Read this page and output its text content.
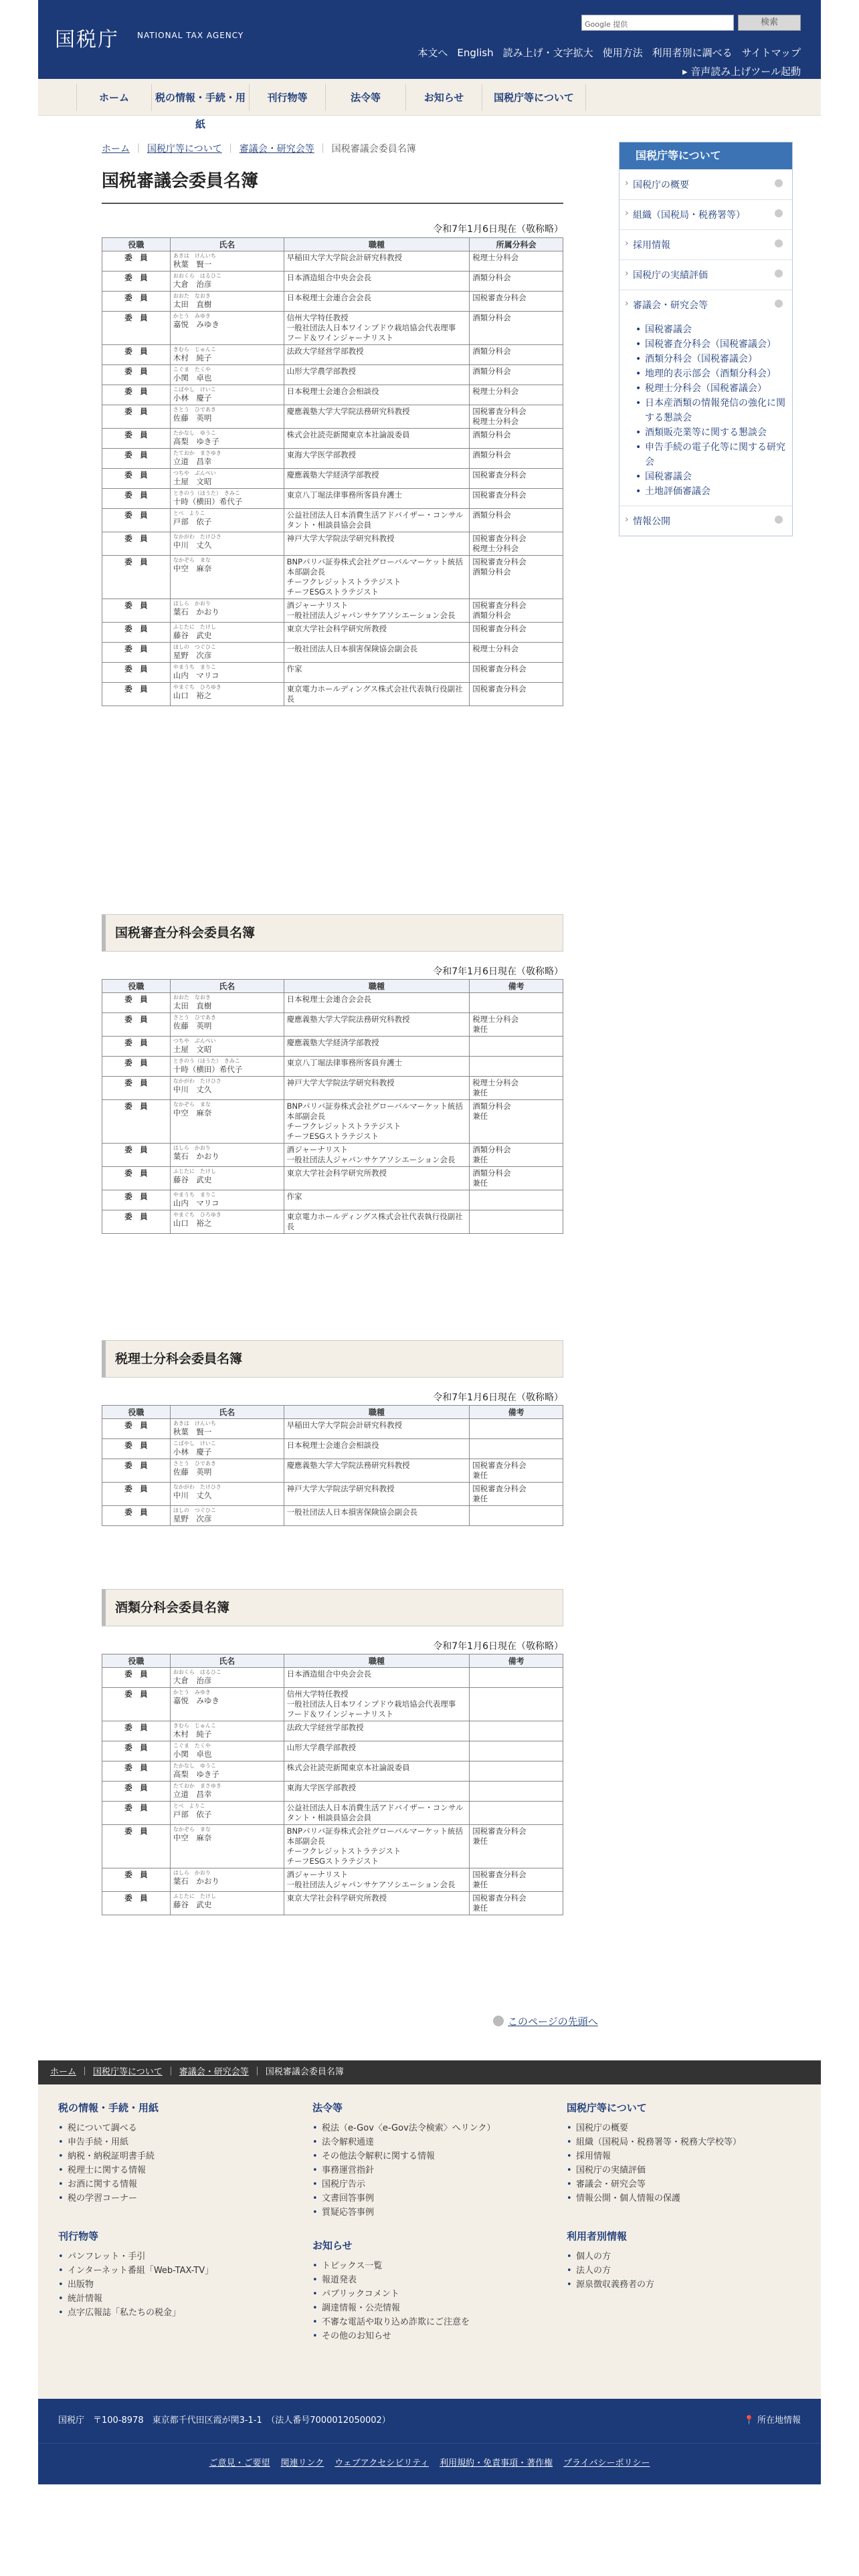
国税庁 NATIONAL TAX AGENCY
Google 提供	検索
本文へ English 読み上げ・文字拡大 使用方法 利用者別に調べる サイトマップ
▸ 音声読み上げツール起動
ホーム	税の情報・手続・用紙
刊行物等	法令等	お知らせ	国税庁等について
ホーム ｜ 国税庁等について ｜ 審議会・研究会等 ｜ 国税審議会委員名簿
国税審議会委員名簿
令和7年1月6日現在（敬称略）
役職	氏名	職種	所属分科会
委　員	あきは　けんいち
秋葉　賢一	早稲田大学大学院会計研究科教授	税理士分科会
委　員	おおくら　はるひこ
大倉　治彦	日本酒造組合中央会会長	酒類分科会
委　員	おおた　なおき
太田　直樹	日本税理士会連合会会長	国税審査分科会
委　員	かとう　みゆき
嘉悦　みゆき	信州大学特任教授
一般社団法人日本ワインブドウ栽培協会代表理事
フード＆ワインジャーナリスト	酒類分科会
委　員	きむら　じゅんこ
木村　純子	法政大学経営学部教授	酒類分科会
委　員	こぐま　たくや
小関　卓也	山形大学農学部教授	酒類分科会
委　員	こばやし　けいこ
小林　慶子	日本税理士会連合会相談役	税理士分科会
委　員	さとう　ひであき
佐藤　英明	慶應義塾大学大学院法務研究科教授	国税審査分科会
税理士分科会
委　員	たかなし　ゆうこ
高梨　ゆき子	株式会社読売新聞東京本社論説委員	酒類分科会
委　員	たておか　まさゆき
立道　昌幸	東海大学医学部教授	酒類分科会
委　員	つちや　ぶんぺい
土屋　文昭	慶應義塾大学経済学部教授	国税審査分科会
委　員	ときのう（ほうた）　きみこ
十時（横田）希代子	東京八丁堀法律事務所客員弁護士	国税審査分科会
委　員	とべ　よりこ
戸部　依子	公益社団法人日本消費生活アドバイザー・コンサルタント・相談員協会会員	酒類分科会
委　員	なかがわ　たけひさ
中川　丈久	神戸大学大学院法学研究科教授	国税審査分科会
税理士分科会
委　員	なかぞら　まな
中空　麻奈	BNPパリバ証券株式会社グローバルマーケット統括本部副会長
チーフクレジットストラテジスト
チーフESGストラテジスト	国税審査分科会
酒類分科会
委　員	はしら　かおり
葉石　かおり	酒ジャーナリスト
一般社団法人ジャパンサケアソシエーション会長	国税審査分科会
酒類分科会
委　員	ふじたに　たけし
藤谷　武史	東京大学社会科学研究所教授	国税審査分科会
委　員	ほしの　つぐひこ
星野　次彦	一般社団法人日本損害保険協会副会長	税理士分科会
委　員	やまうち　まりこ
山内　マリコ	作家	国税審査分科会
委　員	やまぐち　ひろゆき
山口　裕之	東京電力ホールディングス株式会社代表執行役副社長	国税審査分科会
国税審査分科会委員名簿
令和7年1月6日現在（敬称略）
役職	氏名	職種	備考
委　員	おおた　なおき
太田　直樹	日本税理士会連合会会長	
委　員	さとう　ひであき
佐藤　英明	慶應義塾大学大学院法務研究科教授	税理士分科会
兼任
委　員	つちや　ぶんぺい
土屋　文昭	慶應義塾大学経済学部教授	
委　員	ときのう（ほうた）　きみこ
十時（横田）希代子	東京八丁堀法律事務所客員弁護士	
委　員	なかがわ　たけひさ
中川　丈久	神戸大学大学院法学研究科教授	税理士分科会
兼任
委　員	なかぞら　まな
中空　麻奈	BNPパリバ証券株式会社グローバルマーケット統括本部副会長
チーフクレジットストラテジスト
チーフESGストラテジスト	酒類分科会
兼任
委　員	はしら　かおり
葉石　かおり	酒ジャーナリスト
一般社団法人ジャパンサケアソシエーション会長	酒類分科会
兼任
委　員	ふじたに　たけし
藤谷　武史	東京大学社会科学研究所教授	酒類分科会
兼任
委　員	やまうち　まりこ
山内　マリコ	作家	
委　員	やまぐち　ひろゆき
山口　裕之	東京電力ホールディングス株式会社代表執行役副社長	
税理士分科会委員名簿
令和7年1月6日現在（敬称略）
役職	氏名	職種	備考
委　員	あきは　けんいち
秋葉　賢一	早稲田大学大学院会計研究科教授	
委　員	こばやし　けいこ
小林　慶子	日本税理士会連合会相談役	
委　員	さとう　ひであき
佐藤　英明	慶應義塾大学大学院法務研究科教授	国税審査分科会
兼任
委　員	なかがわ　たけひさ
中川　丈久	神戸大学大学院法学研究科教授	国税審査分科会
兼任
委　員	ほしの　つぐひこ
星野　次彦	一般社団法人日本損害保険協会副会長	
酒類分科会委員名簿
令和7年1月6日現在（敬称略）
役職	氏名	職種	備考
委　員	おおくら　はるひこ
大倉　治彦	日本酒造組合中央会会長	
委　員	かとう　みゆき
嘉悦　みゆき	信州大学特任教授
一般社団法人日本ワインブドウ栽培協会代表理事
フード＆ワインジャーナリスト	
委　員	きむら　じゅんこ
木村　純子	法政大学経営学部教授	
委　員	こぐま　たくや
小関　卓也	山形大学農学部教授	
委　員	たかなし　ゆうこ
高梨　ゆき子	株式会社読売新聞東京本社論説委員	
委　員	たておか　まさゆき
立道　昌幸	東海大学医学部教授	
委　員	とべ　よりこ
戸部　依子	公益社団法人日本消費生活アドバイザー・コンサルタント・相談員協会会員	
委　員	なかぞら　まな
中空　麻奈	BNPパリバ証券株式会社グローバルマーケット統括本部副会長
チーフクレジットストラテジスト
チーフESGストラテジスト	国税審査分科会
兼任
委　員	はしら　かおり
葉石　かおり	酒ジャーナリスト
一般社団法人ジャパンサケアソシエーション会長	国税審査分科会
兼任
委　員	ふじたに　たけし
藤谷　武史	東京大学社会科学研究所教授	国税審査分科会
兼任
国税庁等について
› 国税庁の概要
› 組織（国税局・税務署等）
› 採用情報
› 国税庁の実績評価
› 審議会・研究会等
• 国税審議会
• 国税審査分科会（国税審議会）
• 酒類分科会（国税審議会）
• 地理的表示部会（酒類分科会）
• 税理士分科会（国税審議会）
• 日本産酒類の情報発信の強化に関する懇談会
• 酒類販売業等に関する懇談会
• 申告手続の電子化等に関する研究会
• 国税審議会
• 土地評価審議会
› 情報公開
このページの先頭へ
ホーム ｜ 国税庁等について ｜ 審議会・研究会等 ｜ 国税審議会委員名簿
税の情報・手続・用紙
• 税について調べる
• 申告手続・用紙
• 納税・納税証明書手続
• 税理士に関する情報
• お酒に関する情報
• 税の学習コーナー
刊行物等
• パンフレット・手引
• インターネット番組「Web-TAX-TV」
• 出版物
• 統計情報
• 点字広報誌「私たちの税金」
法令等
• 税法（e-Gov〈e-Gov法令検索〉へリンク）
• 法令解釈通達
• その他法令解釈に関する情報
• 事務運営指針
• 国税庁告示
• 文書回答事例
• 質疑応答事例
お知らせ
• トピックス一覧
• 報道発表
• パブリックコメント
• 調達情報・公売情報
• 不審な電話や取り込め詐欺にご注意を
• その他のお知らせ
国税庁等について
• 国税庁の概要
• 組織（国税局・税務署等・税務大学校等）
• 採用情報
• 国税庁の実績評価
• 審議会・研究会等
• 情報公開・個人情報の保護
利用者別情報
• 個人の方
• 法人の方
• 源泉徴収義務者の方
国税庁　〒100-8978　東京都千代田区霞が関3-1-1　（法人番号7000012050002）	📍 所在地情報
ご意見・ご要望 関連リンク ウェブアクセシビリティ 利用規約・免責事項・著作権 プライバシーポリシー
